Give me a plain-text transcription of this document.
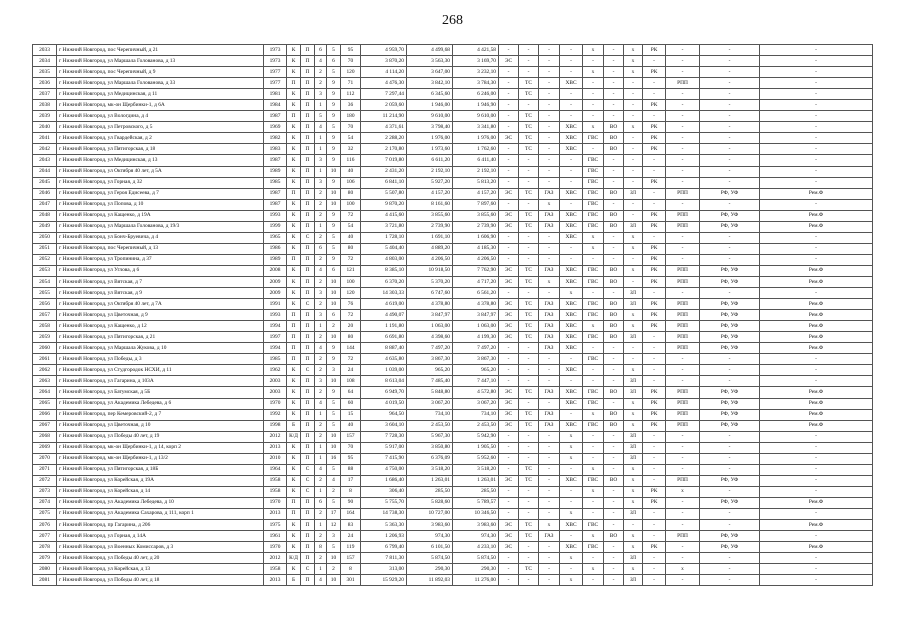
268
2033	г Нижний Новгород, пос Черепичный, д 21	1973	К	П	6	5	95	4 959,70	4 499,68	4 421,58	-	-	-	-	х	-	х	РК	-	-	-
2034	г Нижний Новгород, ул Маршала Голованова, д 13	1973	К	П	4	6	70	3 870,20	3 563,30	3 169,70	ЭС	-	-	-	-	-	х	-	-	-	-
2035	г Нижний Новгород, пос Черепичный, д 9	1977	К	П	2	5	120	4 114,20	3 647,00	3 232,10	-	-	-	-	х	-	х	РК	-	-	-
2036	г Нижний Новгород, ул Маршала Голованова, д 33	1977	П	П	2	9	71	4 476,30	3 842,10	3 784,30	-	ТС	-	ХВС	-	-	-	-	РПП	-	-
2037	г Нижний Новгород, ул Медицинская, д 11	1981	К	П	3	9	112	7 297,44	6 345,60	6 246,00	-	ТС	-	-	-	-	-	-	-	-	-
2038	г Нижний Новгород, мк-он Щербинки-1, д 6А	1984	К	П	1	9	36	2 059,60	1 946,00	1 946,90	-	-	-	-	-	-	-	РК	-	-	-
2039	г Нижний Новгород, ул Вологдина, д 4	1987	П	П	5	9	180	11 214,90	9 610,00	9 610,00	-	ТС	-	-	-	-	-	-	-	-	-
2040	г Нижний Новгород, ул Петровского, д 5	1969	К	П	4	5	70	4 371,61	3 798,40	3 341,80	-	ТС	-	ХВС	х	ВО	х	РК	-	-	-
2041	г Нижний Новгород, ул Гвардейская, д 2	1982	К	П	1	9	54	2 288,20	1 976,00	1 976,00	ЭС	ТС	-	ХВС	ГВС	ВО	-	РК	-	-	-
2042	г Нижний Новгород, ул Пятигорская, д 18	1983	К	П	1	9	32	2 170,80	1 973,60	1 762,60	-	ТС	-	ХВС	-	ВО	-	РК	-	-	-
2043	г Нижний Новгород, ул Медицинская, д 13	1987	К	П	3	9	116	7 019,80	6 611,20	6 411,40	-	-	-	-	ГВС	-	-	-	-	-	-
2044	г Нижний Новгород, ул Октября 40 лет, д 5А	1989	К	П	1	10	40	2 431,20	2 192,10	2 192,10	-	-	-	-	ГВС	-	-	-	-	-	-
2045	г Нижний Новгород, ул Горная, д 32	1985	К	П	3	9	106	6 841,10	5 927,20	5 813,20	-	-	-	-	ГВС	-	-	РК	-	-	-
2046	г Нижний Новгород, ул Героя Едисеева, д 7	1987	П	П	2	10	80	5 507,80	4 157,20	4 157,20	ЭС	ТС	ГАЗ	ХВС	ГВС	ВО	ЗЛ	-	РПП	РФ, УФ	Рем.Ф
2047	г Нижний Новгород, ул Попова, д 10	1987	К	П	2	10	100	9 870,20	8 161,60	7 897,60	-	-	х	-	ГВС	-	-	-	-	-	-
2048	г Нижний Новгород, ул Кащенко, д 19А	1993	К	П	2	9	72	4 415,60	3 855,60	3 855,60	ЭС	ТС	ГАЗ	ХВС	ГВС	ВО	-	РК	РПП	РФ, УФ	Рем.Ф
2049	г Нижний Новгород, ул Маршала Голованова, д 19/3	1999	К	П	1	9	54	3 721,80	2 739,90	2 739,90	ЭС	ТС	ГАЗ	ХВС	ГВС	ВО	ЗЛ	РК	РПП	РФ, УФ	Рем.Ф
2050	г Нижний Новгород, ул Бонч-Бруевича, д 4	1965	К	С	2	5	40	1 728,10	1 691,10	1 606,90	-	-	-	ХВС	х	-	х	-	-	-	-
2051	г Нижний Новгород, пос Черепичный, д 13	1986	К	П	6	5	80	5 404,40	4 889,20	4 185,30	-	-	-	-	х	-	х	РК	-	-	-
2052	г Нижний Новгород, ул Тропинина, д 37	1989	П	П	2	9	72	4 803,00	4 206,50	4 206,50	-	-	-	-	-	-	-	РК	-	-	-
2053	г Нижний Новгород, ул Углова, д 6	2008	К	П	4	6	121	8 385,10	10 918,50	7 762,90	ЭС	ТС	ГАЗ	ХВС	ГВС	ВО	х	РК	РПП	РФ, УФ	Рем.Ф
2054	г Нижний Новгород, ул Вятская, д 7	2009	К	П	2	10	100	6 370,20	5 370,20	4 717,20	ЭС	ТС	х	ХВС	ГВС	ВО	-	РК	РПП	РФ, УФ	Рем.Ф
2055	г Нижний Новгород, ул Вятская, д 9	2009	К	П	3	10	120	14 303,33	6 747,60	6 561,20	-	-	-	х	-	-	ЗЛ	-	-	-	-
2056	г Нижний Новгород, ул Октября 40 лет, д 7А	1991	К	С	2	10	76	4 619,00	4 378,80	4 378,80	ЭС	ТС	ГАЗ	ХВС	ГВС	ВО	ЗЛ	РК	РПП	РФ, УФ	Рем.Ф
2057	г Нижний Новгород, ул Цветочная, д 9	1993	П	П	3	6	72	4 490,07	3 847,97	3 847,97	ЭС	ТС	ГАЗ	ХВС	ГВС	ВО	х	РК	РПП	РФ, УФ	Рем.Ф
2058	г Нижний Новгород, ул Кащенко, д 12	1994	П	П	1	2	20	1 191,80	1 063,00	1 063,00	ЭС	ТС	ГАЗ	ХВС	х	ВО	х	РК	РПП	РФ, УФ	Рем.Ф
2059	г Нижний Новгород, ул Пятигорская, д 21	1997	П	П	2	10	80	6 691,80	4 398,60	4 199,30	ЭС	ТС	ГАЗ	ХВС	ГВС	ВО	ЗЛ	-	РПП	РФ, УФ	Рем.Ф
2060	г Нижний Новгород, ул Маршала Жукова, д 10	1994	П	П	4	9	144	8 887,40	7 497,20	7 497,20	-	-	ГАЗ	ХВС	-	-	-	-	РПП	РФ, УФ	Рем.Ф
2061	г Нижний Новгород, ул Победы, д 3	1985	П	П	2	9	72	4 635,80	3 867,30	3 867,30	-	-	-	-	ГВС	-	-	-	-	-	-
2062	г Нижний Новгород, ул Студгородок НСХИ, д 11	1962	К	С	2	3	24	1 039,00	965,20	965,20	-	-	-	ХВС	-	-	х	-	-	-	-
2063	г Нижний Новгород, ул Гагарина, д 103А	2003	К	П	3	10	108	8 613,04	7 485,40	7 447,10	-	-	-	-	-	-	ЗЛ	-	-	-	-
2064	г Нижний Новгород, ул Батумская, д 5Б	2003	К	П	2	9	64	6 949,70	5 848,80	4 572,80	ЭС	ТС	ГАЗ	ХВС	ГВС	ВО	ЗЛ	РК	РПП	РФ, УФ	Рем.Ф
2065	г Нижний Новгород, ул Академика Лебедева, д 6	1970	К	П	4	5	60	4 019,50	3 067,20	3 067,20	ЭС	-	-	ХВС	ГВС	-	х	РК	РПП	РФ, УФ	Рем.Ф
2066	г Нижний Новгород, пер Кемеровский-2, д 7	1992	К	П	1	5	15	964,50	734,10	734,10	ЭС	ТС	ГАЗ	-	х	ВО	х	РК	РПП	РФ, УФ	Рем.Ф
2067	г Нижний Новгород, ул Цветочная, д 10	1998	Б	П	2	5	40	3 604,10	2 453,50	2 453,50	ЭС	ТС	ГАЗ	ХВС	ГВС	ВО	х	РК	РПП	РФ, УФ	Рем.Ф
2068	г Нижний Новгород, ул Победы 40 лет, д 19	2012	К/Д	П	2	10	157	7 728,30	5 967,30	5 942,90	-	-	-	х	-	-	ЗЛ	-	-	-	-
2069	г Нижний Новгород, мк-он Щербинки-1, д 14, корп 2	2013	К	П	1	10	70	5 917,00	3 850,80	1 905,50	-	-	-	х	-	-	ЗЛ	-	-	-	-
2070	г Нижний Новгород, мк-он Щербинки-1, д 13/2	2010	К	П	1	16	95	7 415,90	6 376,09	5 952,60	-	-	-	х	-	-	ЗЛ	-	-	-	-
2071	г Нижний Новгород, ул Пятигорская, д 18Б	1964	К	С	4	5	88	4 750,00	3 518,20	3 518,20	-	ТС	-	-	х	-	х	-	-	-	-
2072	г Нижний Новгород, ул Корейская, д 19А	1958	К	С	2	4	17	1 686,40	1 263,01	1 263,01	ЭС	ТС	-	ХВС	ГВС	ВО	х	-	РПП	РФ, УФ	-
2073	г Нижний Новгород, ул Корейская, д 14	1958	К	С	1	2	8	306,40	285,50	285,50	-	-	-	-	х	-	х	РК	х	-	-
2074	г Нижний Новгород, ул Академика Лебедева, д 10	1970	П	П	6	5	90	5 755,70	5 828,60	5 789,57	-	-	-	-	-	-	х	РК	-	РФ, УФ	Рем.Ф
2075	г Нижний Новгород, ул Академика Сахарова, д 111, корп 1	2013	П	П	2	17	164	14 738,30	10 727,00	10 346,50	-	-	-	х	-	-	ЗЛ	-	-	-	-
2076	г Нижний Новгород, пр Гагарина, д 206	1975	К	П	1	12	83	5 363,30	3 983,60	3 983,60	ЭС	ТС	х	ХВС	ГВС	-	-	-	-	-	Рем.Ф
2077	г Нижний Новгород, ул Горная, д 14А	1961	К	П	2	3	24	1 206,93	974,30	974,30	ЭС	ТС	ГАЗ	-	х	ВО	х	-	РПП	РФ, УФ	-
2078	г Нижний Новгород, ул Военных Комиссаров, д 3	1970	К	П	8	5	119	6 799,40	6 101,50	4 233,10	ЭС	-	-	ХВС	ГВС	-	х	РК	-	РФ, УФ	Рем.Ф
2079	г Нижний Новгород, ул Победы 40 лет, д 20	2012	К/Д	П	2	10	157	7 811,30	5 874,50	5 874,50	-	-	-	х	-	-	ЗЛ	-	-	-	-
2080	г Нижний Новгород, ул Корейская, д 13	1958	К	С	1	2	8	313,00	290,30	290,30	-	ТС	-	-	х	-	х	-	х	-	-
2081	г Нижний Новгород, ул Победы 40 лет, д 18	2013	Б	П	4	10	301	15 929,20	11 892,03	11 276,00	-	-	-	х	-	-	ЗЛ	-	-	-	-
